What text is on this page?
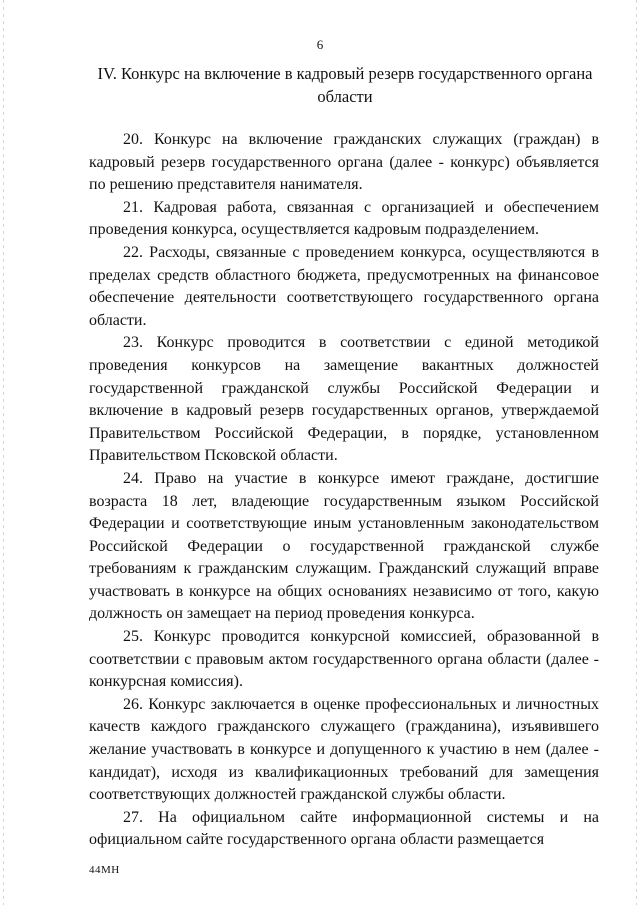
6
IV. Конкурс на включение в кадровый резерв государственного органа области

20. Конкурс на включение гражданских служащих (граждан) в кадровый резерв государственного органа (далее - конкурс) объявляется по решению представителя нанимателя.

21. Кадровая работа, связанная с организацией и обеспечением проведения конкурса, осуществляется кадровым подразделением.

22. Расходы, связанные с проведением конкурса, осуществляются в пределах средств областного бюджета, предусмотренных на финансовое обеспечение деятельности соответствующего государственного органа области.

23. Конкурс проводится в соответствии с единой методикой проведения конкурсов на замещение вакантных должностей государственной гражданской службы Российской Федерации и включение в кадровый резерв государственных органов, утверждаемой Правительством Российской Федерации, в порядке, установленном Правительством Псковской области.

24. Право на участие в конкурсе имеют граждане, достигшие возраста 18 лет, владеющие государственным языком Российской Федерации и соответствующие иным установленным законодательством Российской Федерации о государственной гражданской службе требованиям к гражданским служащим. Гражданский служащий вправе участвовать в конкурсе на общих основаниях независимо от того, какую должность он замещает на период проведения конкурса.

25. Конкурс проводится конкурсной комиссией, образованной в соответствии с правовым актом государственного органа области (далее - конкурсная комиссия).

26. Конкурс заключается в оценке профессиональных и личностных качеств каждого гражданского служащего (гражданина), изъявившего желание участвовать в конкурсе и допущенного к участию в нем (далее - кандидат), исходя из квалификационных требований для замещения соответствующих должностей гражданской службы области.

27. На официальном сайте информационной системы и на официальном сайте государственного органа области размещается

44МН
